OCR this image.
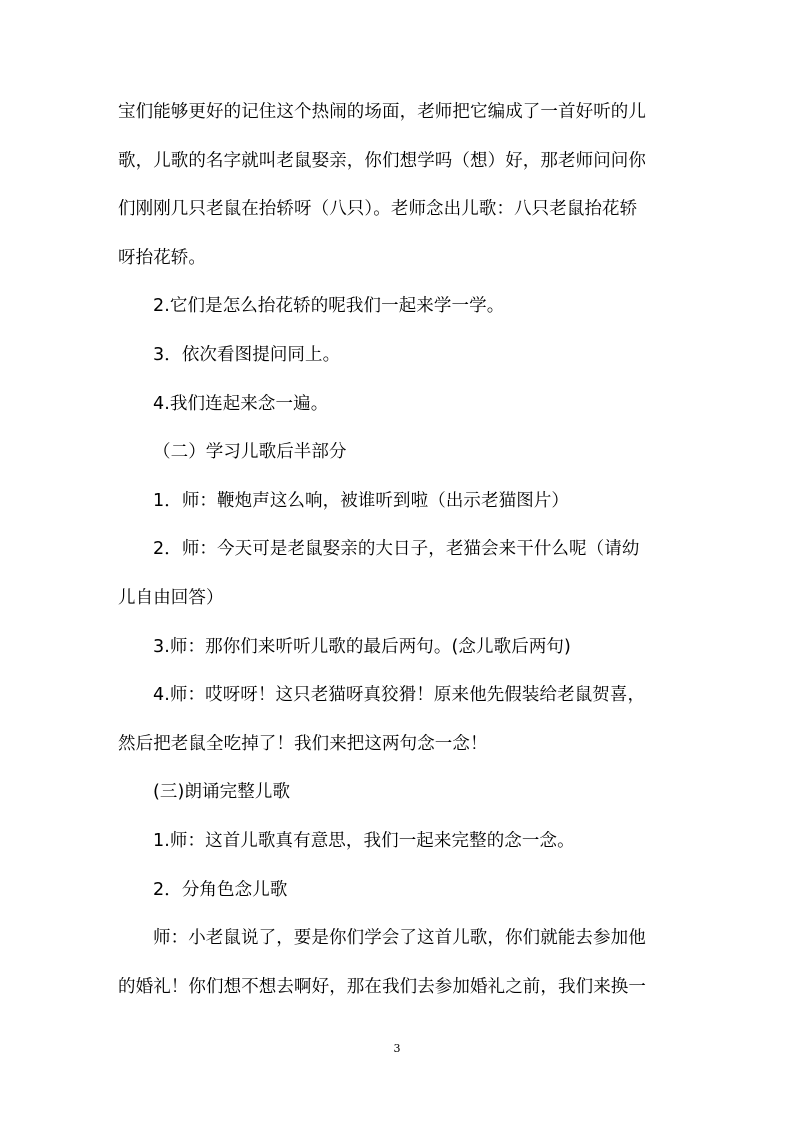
宝们能够更好的记住这个热闹的场面，老师把它编成了一首好听的儿

歌，儿歌的名字就叫老鼠娶亲，你们想学吗（想）好，那老师问问你

们刚刚几只老鼠在抬轿呀（八只）。老师念出儿歌：八只老鼠抬花轿

呀抬花轿。

2.它们是怎么抬花轿的呢我们一起来学一学。

3．依次看图提问同上。

4.我们连起来念一遍。

（二）学习儿歌后半部分

1．师：鞭炮声这么响，被谁听到啦（出示老猫图片）

2．师：今天可是老鼠娶亲的大日子，老猫会来干什么呢（请幼

儿自由回答）

3.师：那你们来听听儿歌的最后两句。(念儿歌后两句)

4.师：哎呀呀！这只老猫呀真狡猾！原来他先假装给老鼠贺喜，

然后把老鼠全吃掉了！我们来把这两句念一念！

(三)朗诵完整儿歌

1.师：这首儿歌真有意思，我们一起来完整的念一念。

2．分角色念儿歌

师：小老鼠说了，要是你们学会了这首儿歌，你们就能去参加他

的婚礼！你们想不想去啊好，那在我们去参加婚礼之前，我们来换一

3
